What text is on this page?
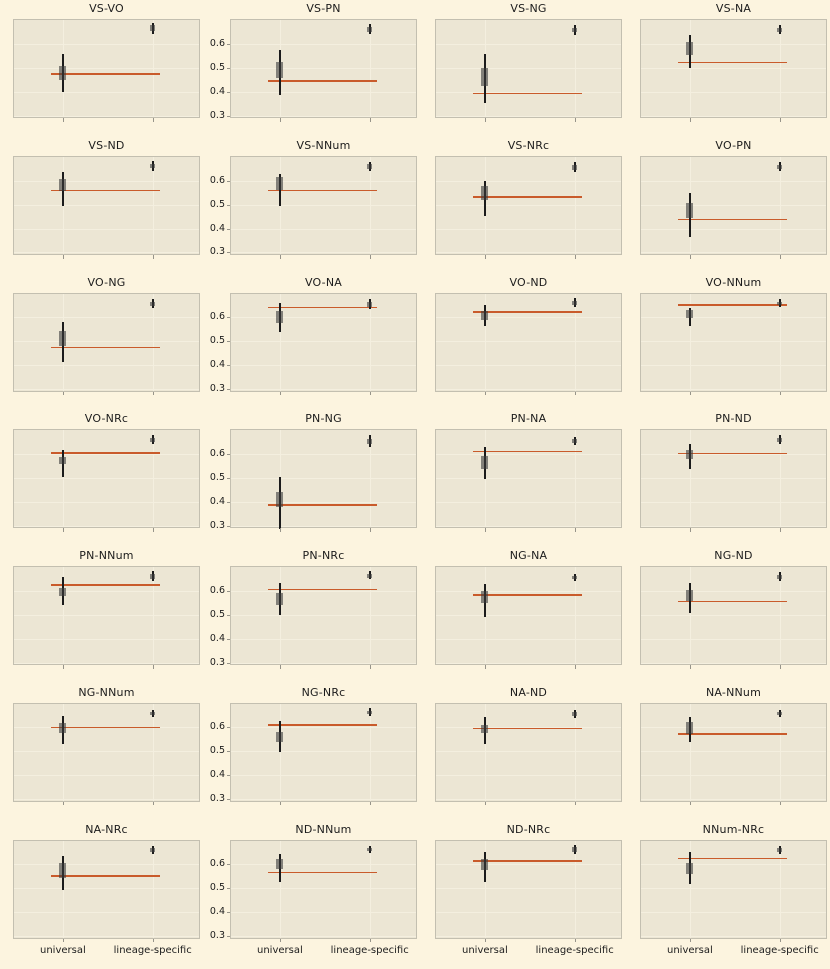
VS-VO	VS-PN
0.6
0.5
0.4
0.3
VS-NG	VS-NA
VS-ND	VS-NNum
0.6
0.5
0.4
0.3
VS-NRc	VO-PN
VO-NG	VO-NA
0.6
0.5
0.4
0.3
VO-ND	VO-NNum
VO-NRc	PN-NG
0.6
0.5
0.4
0.3
PN-NA	PN-ND
PN-NNum	PN-NRc
0.6
0.5
0.4
0.3
NG-NA	NG-ND
NG-NNum	NG-NRc
0.6
0.5
0.4
0.3
NA-ND	NA-NNum
NA-NRc
universal	lineage-specific
ND-NNum
0.6
0.5
0.4
0.3
universal	lineage-specific
ND-NRc
universal	lineage-specific
NNum-NRc
universal	lineage-specific
